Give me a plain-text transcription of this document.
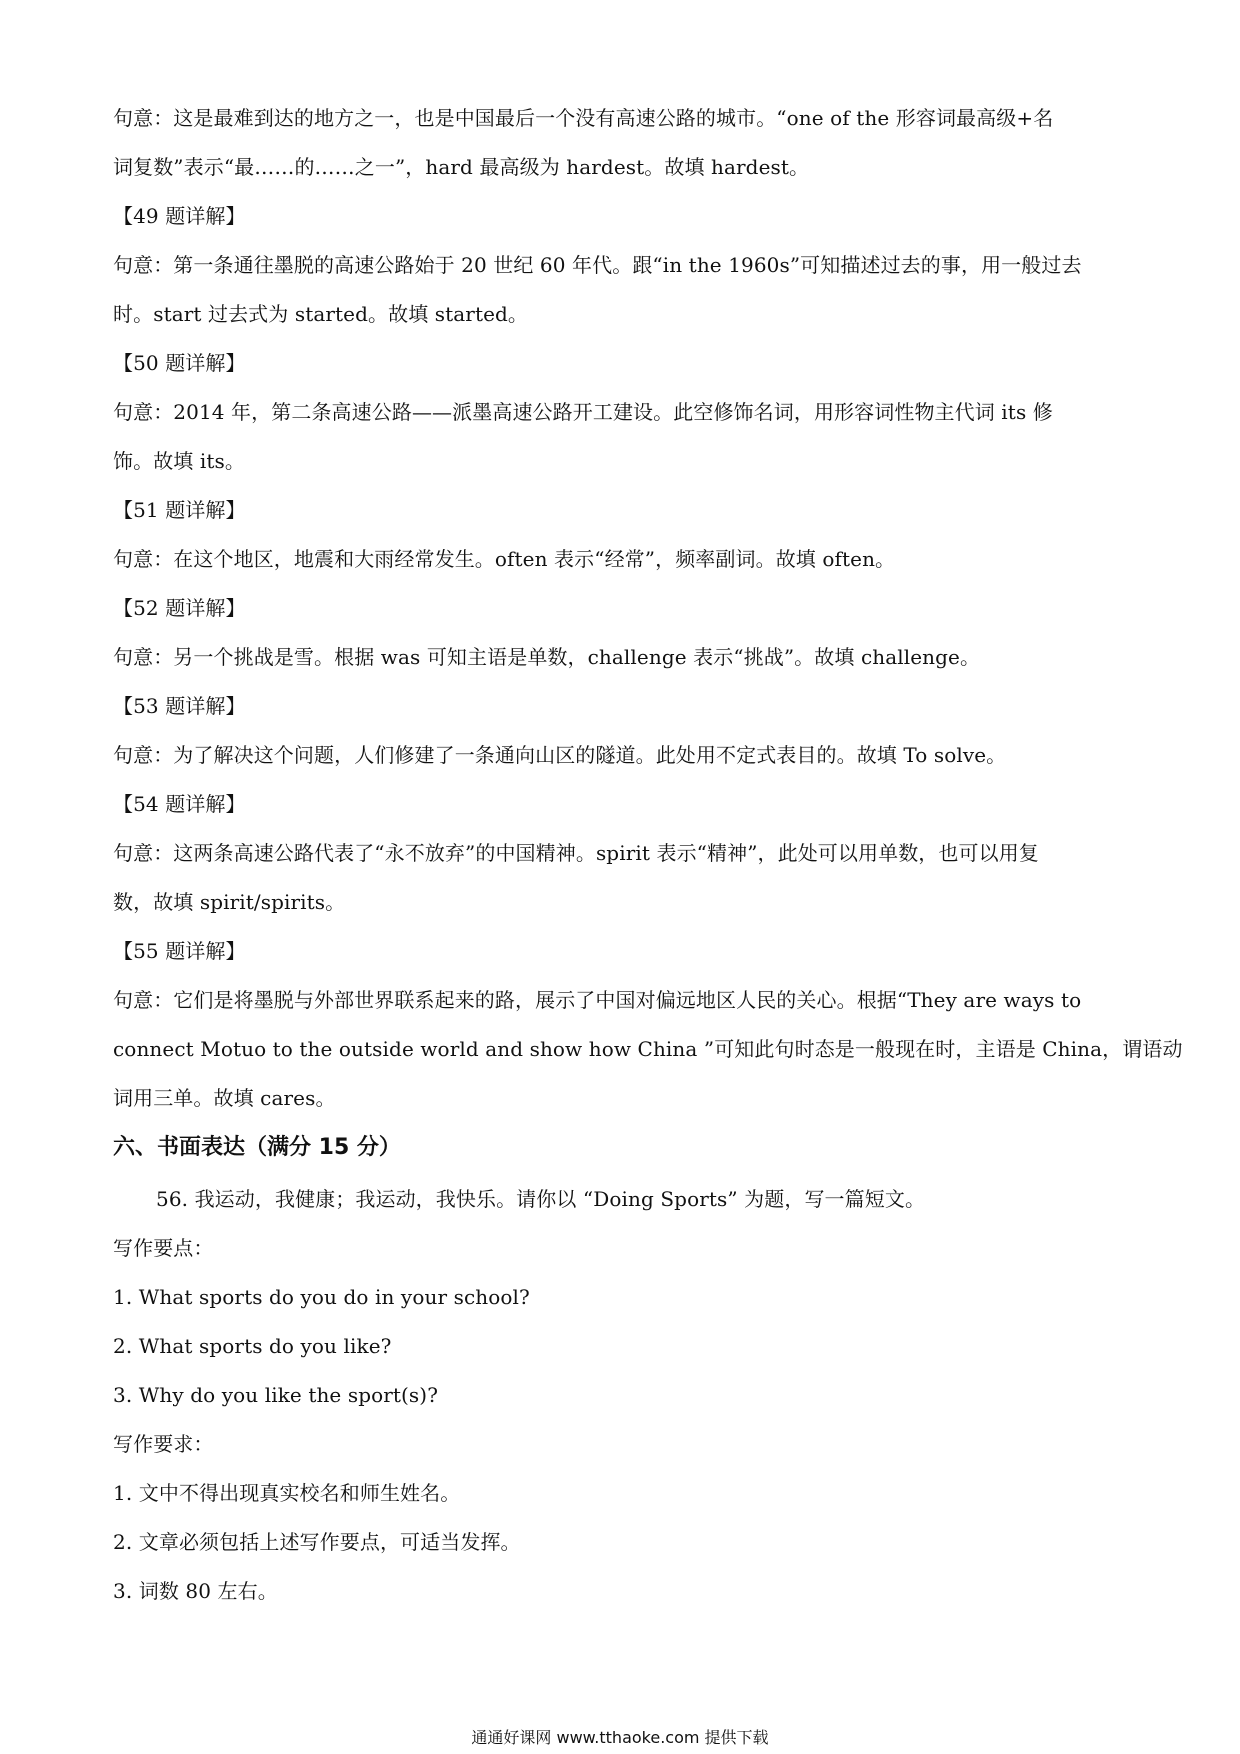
句意：这是最难到达的地方之一，也是中国最后一个没有高速公路的城市。“one of the 形容词最高级+名
词复数”表示“最……的……之一”，hard 最高级为 hardest。故填 hardest。
【49 题详解】
句意：第一条通往墨脱的高速公路始于 20 世纪 60 年代。跟“in the 1960s”可知描述过去的事，用一般过去
时。start 过去式为 started。故填 started。
【50 题详解】
句意：2014 年，第二条高速公路——派墨高速公路开工建设。此空修饰名词，用形容词性物主代词 its 修
饰。故填 its。
【51 题详解】
句意：在这个地区，地震和大雨经常发生。often 表示“经常”，频率副词。故填 often。
【52 题详解】
句意：另一个挑战是雪。根据 was 可知主语是单数，challenge 表示“挑战”。故填 challenge。
【53 题详解】
句意：为了解决这个问题，人们修建了一条通向山区的隧道。此处用不定式表目的。故填 To solve。
【54 题详解】
句意：这两条高速公路代表了“永不放弃”的中国精神。spirit 表示“精神”，此处可以用单数，也可以用复
数，故填 spirit/spirits。
【55 题详解】
句意：它们是将墨脱与外部世界联系起来的路，展示了中国对偏远地区人民的关心。根据“They are ways to
connect Motuo to the outside world and show how China ”可知此句时态是一般现在时，主语是 China，谓语动
词用三单。故填 cares。
六、书面表达（满分 15 分）
56. 我运动，我健康；我运动，我快乐。请你以 “Doing Sports” 为题，写一篇短文。
写作要点：
1. What sports do you do in your school?
2. What sports do you like?
3. Why do you like the sport(s)?
写作要求：
1. 文中不得出现真实校名和师生姓名。
2. 文章必须包括上述写作要点，可适当发挥。
3. 词数 80 左右。
通通好课网 www.tthaoke.com 提供下载
